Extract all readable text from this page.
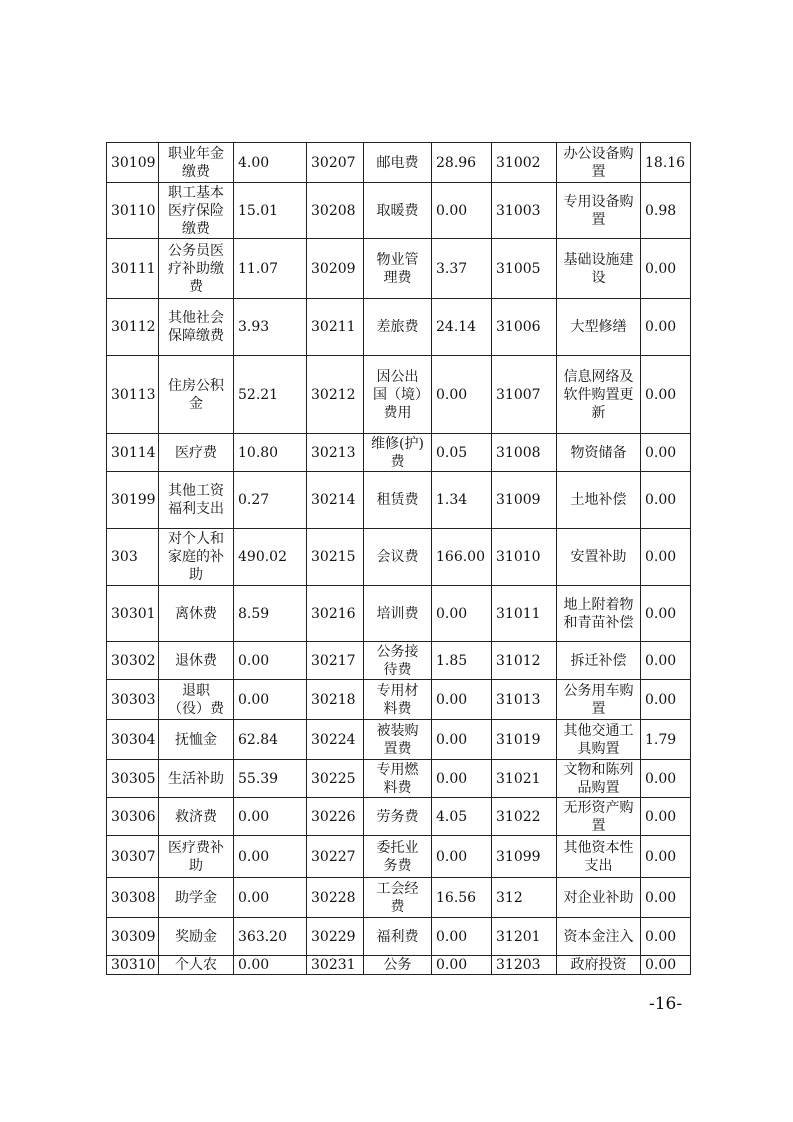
30109	职业年金缴费	4.00	30207	邮电费	28.96	31002	办公设备购置	18.16
30110	职工基本医疗保险缴费	15.01	30208	取暖费	0.00	31003	专用设备购置	0.98
30111	公务员医疗补助缴费	11.07	30209	物业管理费	3.37	31005	基础设施建设	0.00
30112	其他社会保障缴费	3.93	30211	差旅费	24.14	31006	大型修缮	0.00
30113	住房公积金	52.21	30212	因公出国（境）费用	0.00	31007	信息网络及软件购置更新	0.00
30114	医疗费	10.80	30213	维修(护)费	0.05	31008	物资储备	0.00
30199	其他工资福利支出	0.27	30214	租赁费	1.34	31009	土地补偿	0.00
303	对个人和家庭的补助	490.02	30215	会议费	166.00	31010	安置补助	0.00
30301	离休费	8.59	30216	培训费	0.00	31011	地上附着物和青苗补偿	0.00
30302	退休费	0.00	30217	公务接待费	1.85	31012	拆迁补偿	0.00
30303	退职（役）费	0.00	30218	专用材料费	0.00	31013	公务用车购置	0.00
30304	抚恤金	62.84	30224	被装购置费	0.00	31019	其他交通工具购置	1.79
30305	生活补助	55.39	30225	专用燃料费	0.00	31021	文物和陈列品购置	0.00
30306	救济费	0.00	30226	劳务费	4.05	31022	无形资产购置	0.00
30307	医疗费补助	0.00	30227	委托业务费	0.00	31099	其他资本性支出	0.00
30308	助学金	0.00	30228	工会经费	16.56	312	对企业补助	0.00
30309	奖励金	363.20	30229	福利费	0.00	31201	资本金注入	0.00
30310	个人农	0.00	30231	公务	0.00	31203	政府投资	0.00
-16-
